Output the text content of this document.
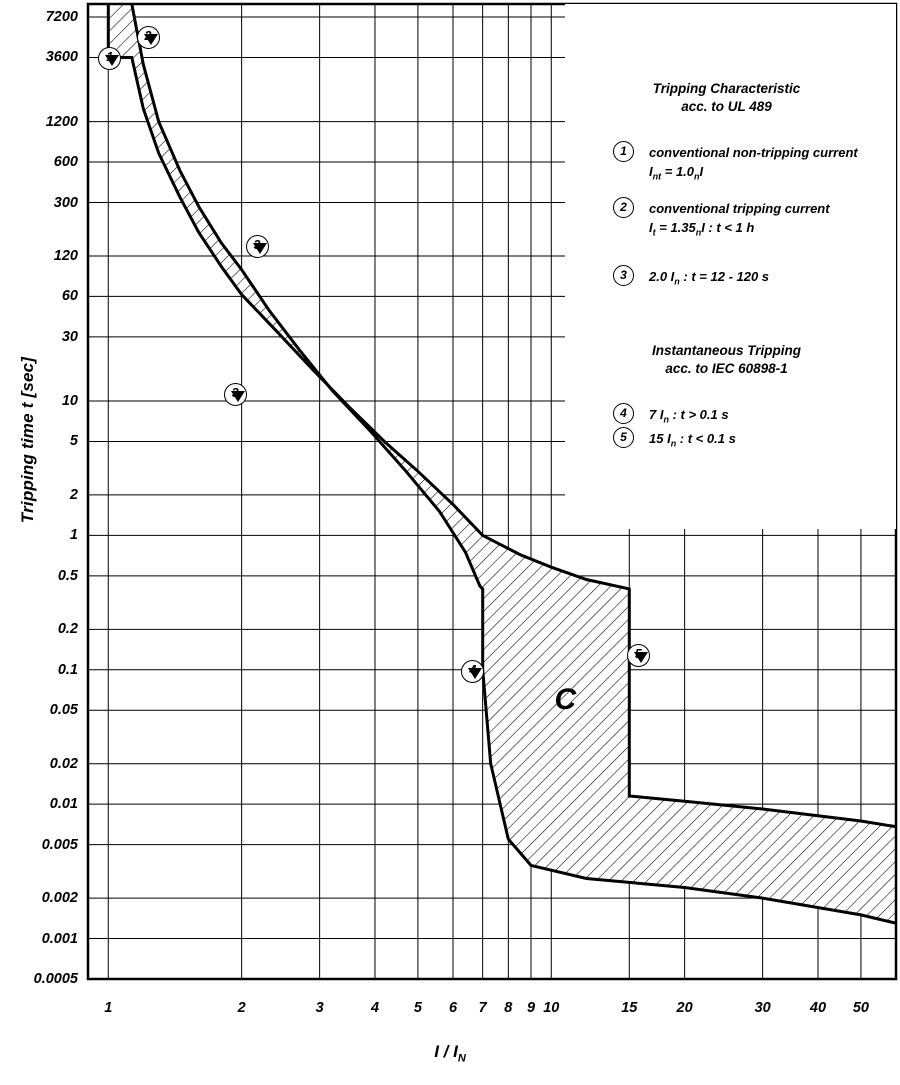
Tripping time t [sec]
I / $I_N$
7200
3600
1200
600
300
120
60
30
10
5
2
1
0.5
0.2
0.1
0.05
0.02
0.01
0.005
0.002
0.001
0.0005
1	2	3	4	5	6	7	8	9 10	15	20	30	40	50
1
2
3
3
4
5
C
Tripping Characteristic
acc. to UL 489
1	conventional non-tripping current
$I_{nt} = 1.0_nI$
2	conventional tripping current
$I_t = 1.35_nI$ : t < 1 h
3	2.0 $I_n$ : t = 12 - 120 s
Instantaneous Tripping
acc. to IEC 60898-1
4	7 $I_n$ : t > 0.1 s
5	15 $I_n$ : t < 0.1 s
